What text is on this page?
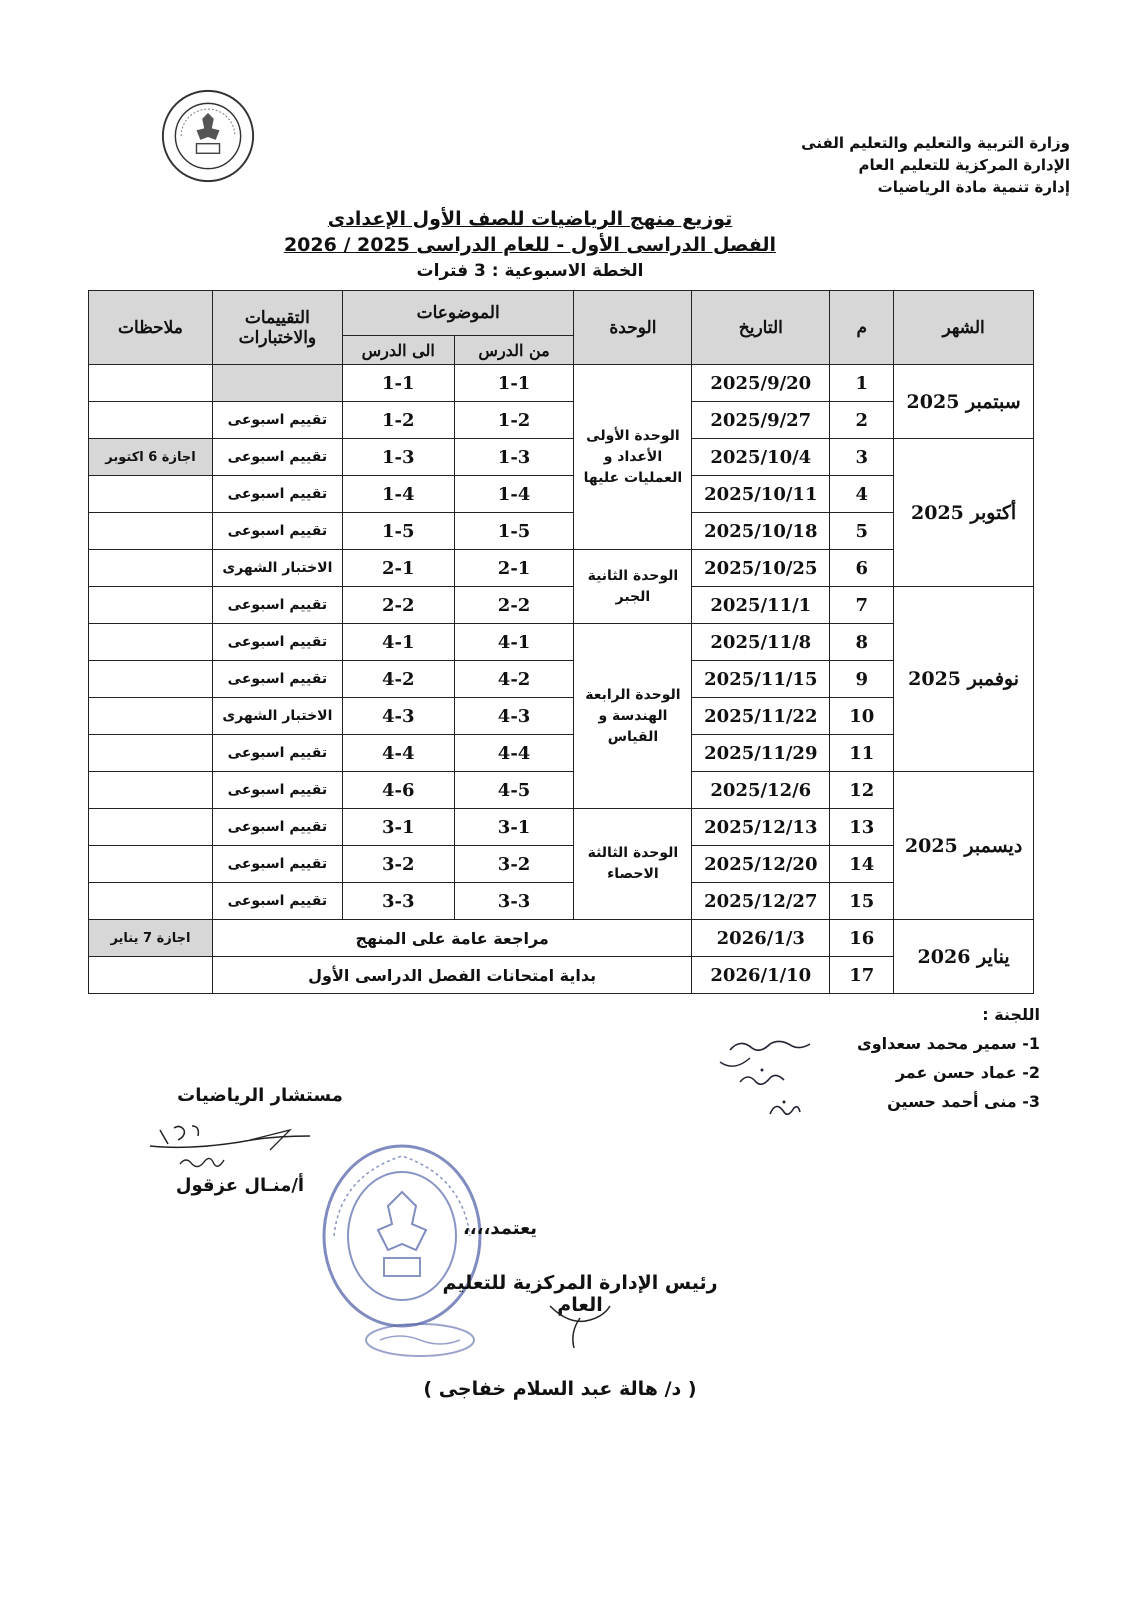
وزارة التربية والتعليم والتعليم الفنى
الإدارة المركزية للتعليم العام
إدارة تنمية مادة الرياضيات
توزيع منهج الرياضيات للصف الأول الإعدادى
الفصل الدراسى الأول - للعام الدراسى 2025 / 2026
الخطة الاسبوعية : 3 فترات
الشهر	م	التاريخ	الوحدة	الموضوعات		التقييمات والاختبارات	ملاحظات
				من الدرس	الى الدرس		
سبتمبر 2025	1	2025/9/20	الوحدة الأولى الأعداد و العمليات عليها	1-1	1-1		
	2	2025/9/27		1-2	1-2	تقييم اسبوعى	
أكتوبر 2025	3	2025/10/4		1-3	1-3	تقييم اسبوعى	اجازة 6 اكتوبر
	4	2025/10/11		1-4	1-4	تقييم اسبوعى	
	5	2025/10/18		1-5	1-5	تقييم اسبوعى	
	6	2025/10/25	الوحدة الثانية الجبر	2-1	2-1	الاختبار الشهرى	
نوفمبر 2025	7	2025/11/1		2-2	2-2	تقييم اسبوعى	
	8	2025/11/8	الوحدة الرابعة الهندسة و القياس	4-1	4-1	تقييم اسبوعى	
	9	2025/11/15		4-2	4-2	تقييم اسبوعى	
	10	2025/11/22		4-3	4-3	الاختبار الشهرى	
	11	2025/11/29		4-4	4-4	تقييم اسبوعى	
ديسمبر 2025	12	2025/12/6		4-5	4-6	تقييم اسبوعى	
	13	2025/12/13	الوحدة الثالثة الاحصاء	3-1	3-1	تقييم اسبوعى	
	14	2025/12/20		3-2	3-2	تقييم اسبوعى	
	15	2025/12/27		3-3	3-3	تقييم اسبوعى	
يناير 2026	16	2026/1/3	مراجعة عامة على المنهج				اجازة 7 يناير
	17	2026/1/10	بداية امتحانات الفصل الدراسى الأول				
اللجنة :
1- سمير محمد سعداوى
2- عماد حسن عمر
3- منى أحمد حسين
مستشار الرياضيات
أ/منـال عزقول
يعتمد،،،،
رئيس الإدارة المركزية للتعليم العام
( د/ هالة عبد السلام خفاجى )
